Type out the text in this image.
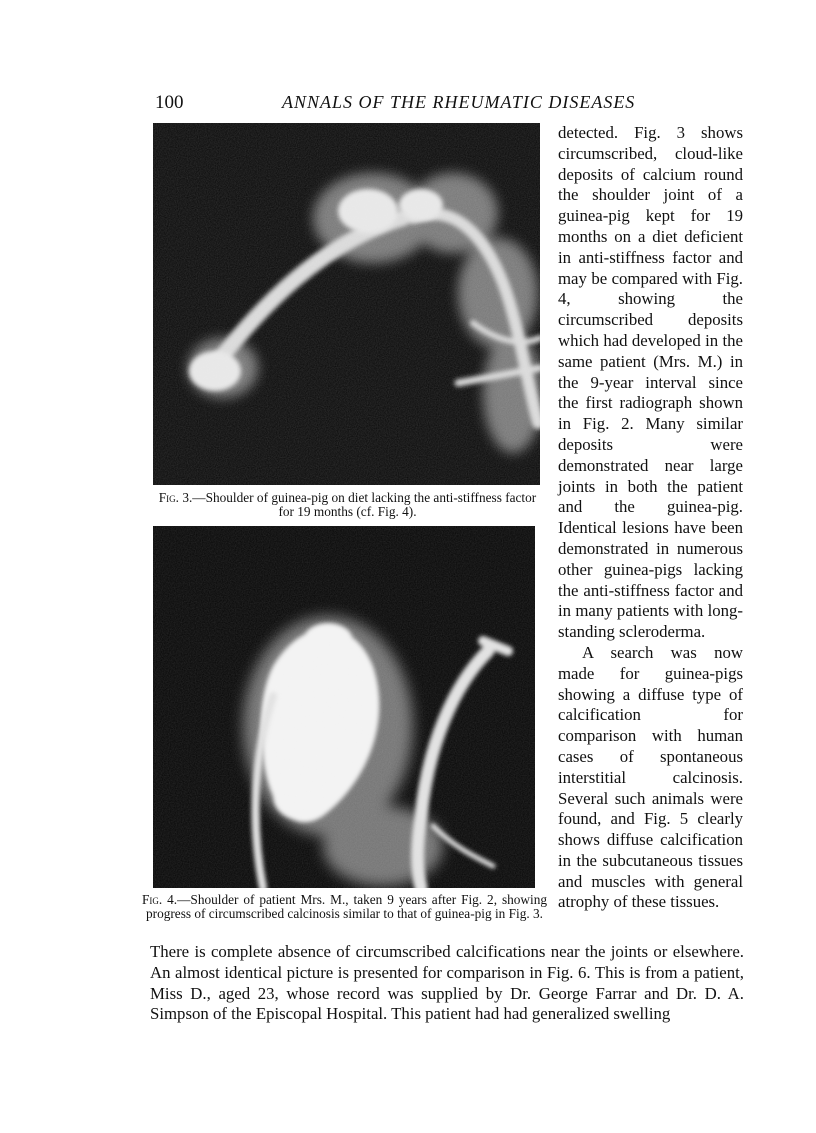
100	ANNALS OF THE RHEUMATIC DISEASES
Fig. 3.—Shoulder of guinea-pig on diet lacking the anti-stiffness factor for 19 months (cf. Fig. 4).
Fig. 4.—Shoulder of patient Mrs. M., taken 9 years after Fig. 2, showing progress of circumscribed calcinosis similar to that of guinea-pig in Fig. 3.

detected. Fig. 3 shows circumscribed, cloud-like deposits of calcium round the shoulder joint of a guinea-pig kept for 19 months on a diet deficient in anti-stiffness factor and may be compared with Fig. 4, showing the circumscribed deposits which had developed in the same patient (Mrs. M.) in the 9-year interval since the first radiograph shown in Fig. 2. Many similar deposits were demonstrated near large joints in both the patient and the guinea-pig. Identical lesions have been demonstrated in numerous other guinea-pigs lacking the anti-stiffness factor and in many patients with long-standing scleroderma.

A search was now made for guinea-pigs showing a diffuse type of calcification for comparison with human cases of spontaneous interstitial calcinosis. Several such animals were found, and Fig. 5 clearly shows diffuse calcification in the subcutaneous tissues and muscles with general atrophy of these tissues.

There is complete absence of circumscribed calcifications near the joints or elsewhere. An almost identical picture is presented for comparison in Fig. 6. This is from a patient, Miss D., aged 23, whose record was supplied by Dr. George Farrar and Dr. D. A. Simpson of the Episcopal Hospital. This patient had had generalized swelling
